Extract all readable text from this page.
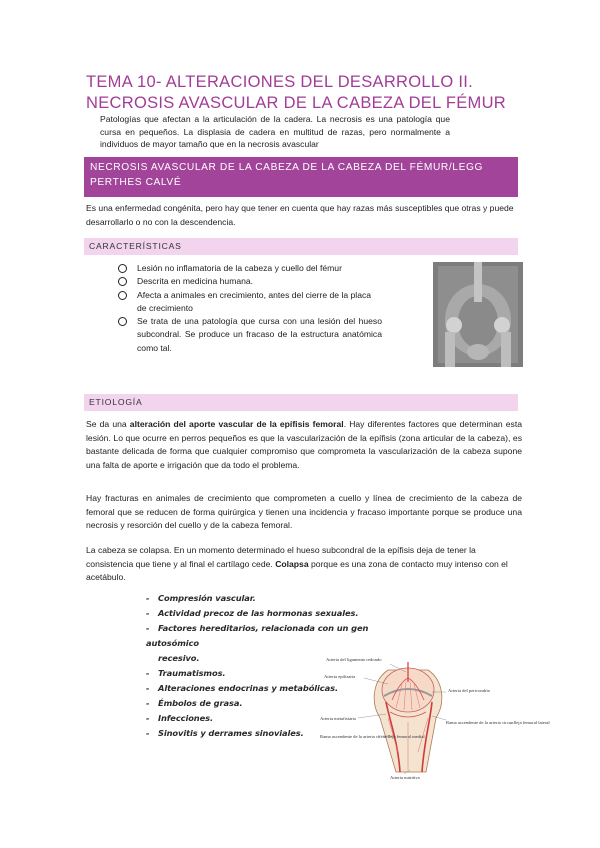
TEMA 10- ALTERACIONES DEL DESARROLLO II. NECROSIS AVASCULAR DE LA CABEZA DEL FÉMUR
Patologías que afectan a la articulación de la cadera. La necrosis es una patología que cursa en pequeños. La displasia de cadera en multitud de razas, pero normalmente a individuos de mayor tamaño que en la necrosis avascular
NECROSIS AVASCULAR DE LA CABEZA DE LA CABEZA DEL FÉMUR/LEGG PERTHES CALVÉ
Es una enfermedad congénita, pero hay que tener en cuenta que hay razas más susceptibles que otras y puede desarrollarlo o no con la descendencia.
CARACTERÍSTICAS
Lesión no inflamatoria de la cabeza y cuello del fémur
Descrita en medicina humana.
Afecta a animales en crecimiento, antes del cierre de la placa de crecimiento
Se trata de una patología que cursa con una lesión del hueso subcondral. Se produce un fracaso de la estructura anatómica como tal.
ETIOLOGÍA
Se da una alteración del aporte vascular de la epífisis femoral. Hay diferentes factores que determinan esta lesión. Lo que ocurre en perros pequeños es que la vascularización de la epífisis (zona articular de la cabeza), es bastante delicada de forma que cualquier compromiso que comprometa la vascularización de la cabeza supone una falta de aporte e irrigación que da todo el problema.
Hay fracturas en animales de crecimiento que comprometen a cuello y línea de crecimiento de la cabeza de femoral que se reducen de forma quirúrgica y tienen una incidencia y fracaso importante porque se produce una necrosis y resorción del cuello y de la cabeza femoral.
La cabeza se colapsa. En un momento determinado el hueso subcondral de la epífisis deja de tener la consistencia que tiene y al final el cartílago cede. Colapsa porque es una zona de contacto muy intenso con el acetábulo.
- Compresión vascular.
- Actividad precoz de las hormonas sexuales.
- Factores hereditarios, relacionada con un gen autosómico
recesivo.
- Traumatismos.
- Alteraciones endocrinas y metabólicas.
- Émbolos de grasa.
- Infecciones.
- Sinovitis y derrames sinoviales.
Arteria del ligamento redondo
Arteria epifisaria
Arteria del pericondrio
Arteria metafisiaria
Rama ascendente de la arteria circunfleja femoral lateral
Rama ascendente de la arteria circunfleja femoral medial
Arteria nutritiva
